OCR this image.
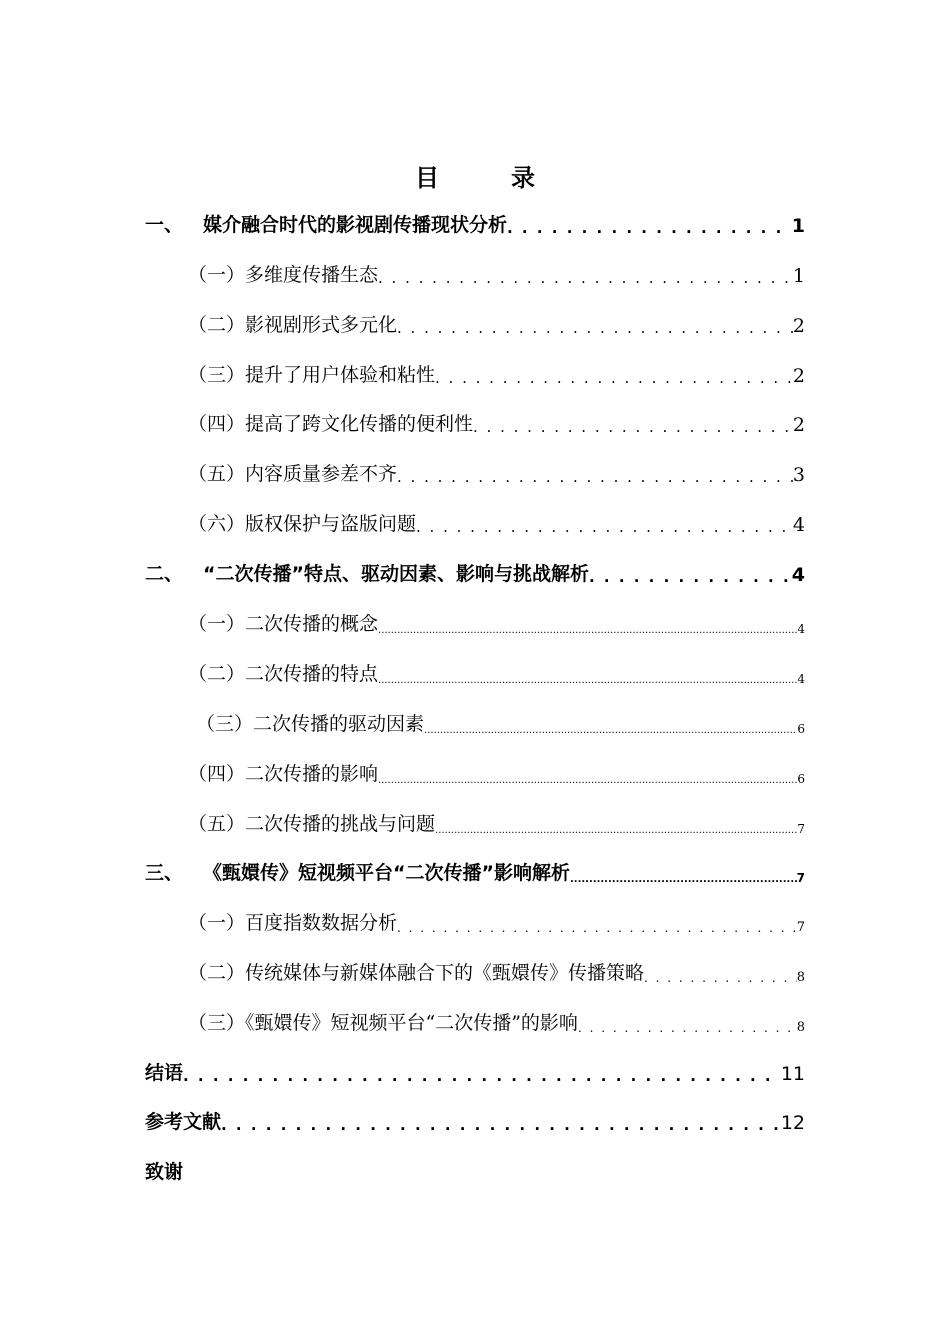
目　录
一、 媒介融合时代的影视剧传播现状分析 . . .	1
（一）多维度传播生态 . . .	1
（二）影视剧形式多元化 . . .	2
（三）提升了用户体验和粘性 . . .	2
（四）提高了跨文化传播的便利性 . . .	2
（五）内容质量参差不齐 . . .	3
（六）版权保护与盗版问题 . . .	4
二、 “二次传播”特点、驱动因素、影响与挑战解析 . . .	4
（一）二次传播的概念 .....	4
（二）二次传播的特点 .....	4
（三）二次传播的驱动因素 .....	6
（四）二次传播的影响 .....	6
（五）二次传播的挑战与问题 .....	7
三、 《甄嬛传》短视频平台“二次传播”影响解析 .....	7
（一）百度指数数据分析 . . .	7
（二）传统媒体与新媒体融合下的《甄嬛传》传播策略 . . .	8
（三）《甄嬛传》短视频平台“二次传播”的影响 . . .	8
结语 . . .	11
参考文献 . . .	12
致谢
